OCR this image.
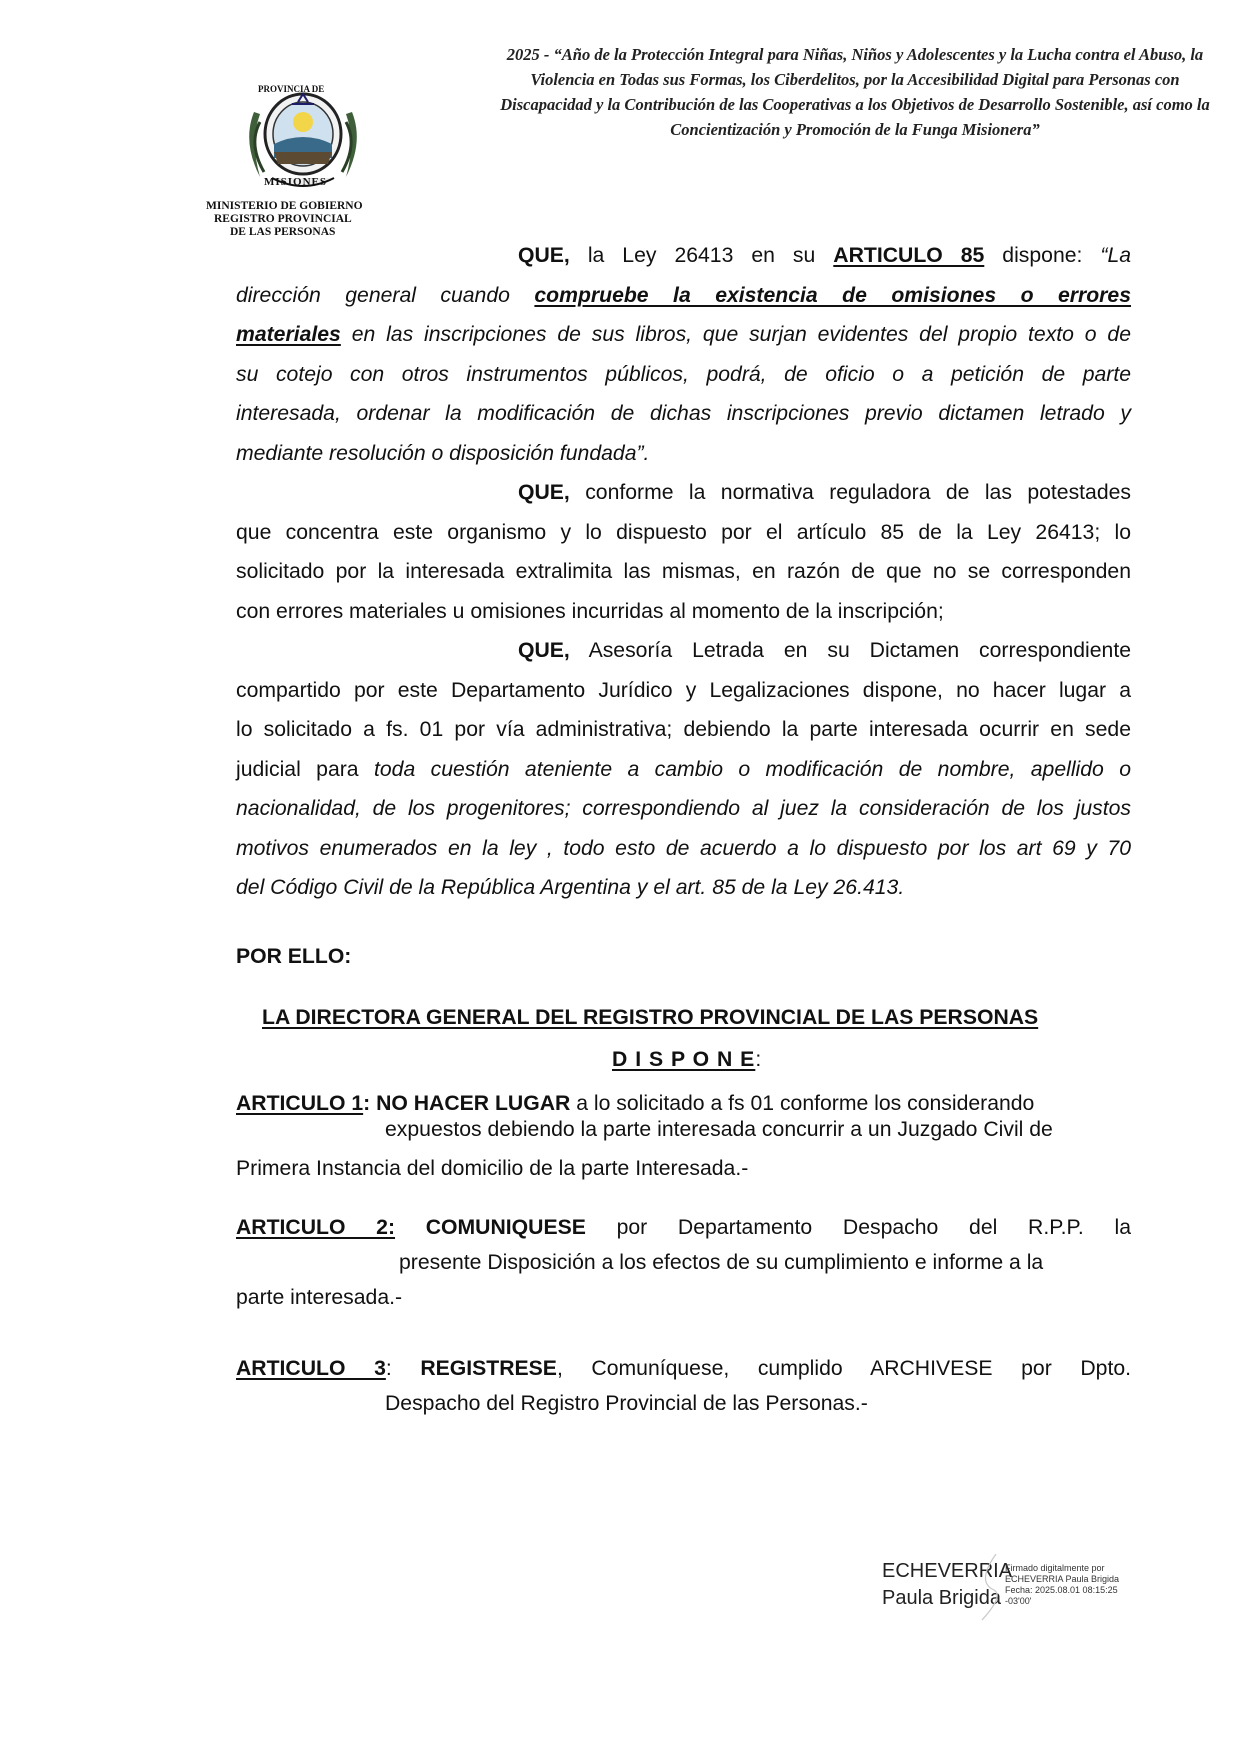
PROVINCIA DE
MISIONES
MINISTERIO DE GOBIERNO
REGISTRO PROVINCIAL
DE LAS PERSONAS
2025 - “Año de la Protección Integral para Niñas, Niños y Adolescentes y la Lucha contra el Abuso, la Violencia en Todas sus Formas, los Ciberdelitos, por la Accesibilidad Digital para Personas con Discapacidad y la Contribución de las Cooperativas a los Objetivos de Desarrollo Sostenible, así como la Concientización y Promoción de la Funga Misionera”
QUE, la Ley 26413 en su ARTICULO 85 dispone: “La
dirección general cuando compruebe la existencia de omisiones o errores
materiales en las inscripciones de sus libros, que surjan evidentes del propio texto o de
su cotejo con otros instrumentos públicos, podrá, de oficio o a petición de parte
interesada, ordenar la modificación de dichas inscripciones previo dictamen letrado y
mediante resolución o disposición fundada”.
QUE, conforme la normativa reguladora de las potestades
que concentra este organismo y lo dispuesto por el artículo 85 de la Ley 26413; lo
solicitado por la interesada extralimita las mismas, en razón de que no se corresponden
con errores materiales u omisiones incurridas al momento de la inscripción;
QUE, Asesoría Letrada en su Dictamen correspondiente
compartido por este Departamento Jurídico y Legalizaciones dispone, no hacer lugar a
lo solicitado a fs. 01 por vía administrativa; debiendo la parte interesada ocurrir en sede
judicial para toda cuestión ateniente a cambio o modificación de nombre, apellido o
nacionalidad, de los progenitores; correspondiendo al juez la consideración de los justos
motivos enumerados en la ley , todo esto de acuerdo a lo dispuesto por los art 69 y 70
del Código Civil de la República Argentina y el art. 85 de la Ley 26.413.
POR ELLO:
LA DIRECTORA GENERAL DEL REGISTRO PROVINCIAL DE LAS PERSONAS
D I S P O N E:
ARTICULO 1: NO HACER LUGAR a lo solicitado a fs 01 conforme los considerando
expuestos debiendo la parte interesada concurrir a un Juzgado Civil de
Primera Instancia del domicilio de la parte Interesada.-
ARTICULO 2: COMUNIQUESE por Departamento Despacho del R.P.P. la
presente Disposición a los efectos de su cumplimiento e informe a la
parte interesada.-
ARTICULO 3: REGISTRESE, Comuníquese, cumplido ARCHIVESE por Dpto.
Despacho del Registro Provincial de las Personas.-
ECHEVERRIA
Paula Brigida
Firmado digitalmente por
ECHEVERRIA Paula Brigida
Fecha: 2025.08.01 08:15:25
-03'00'
